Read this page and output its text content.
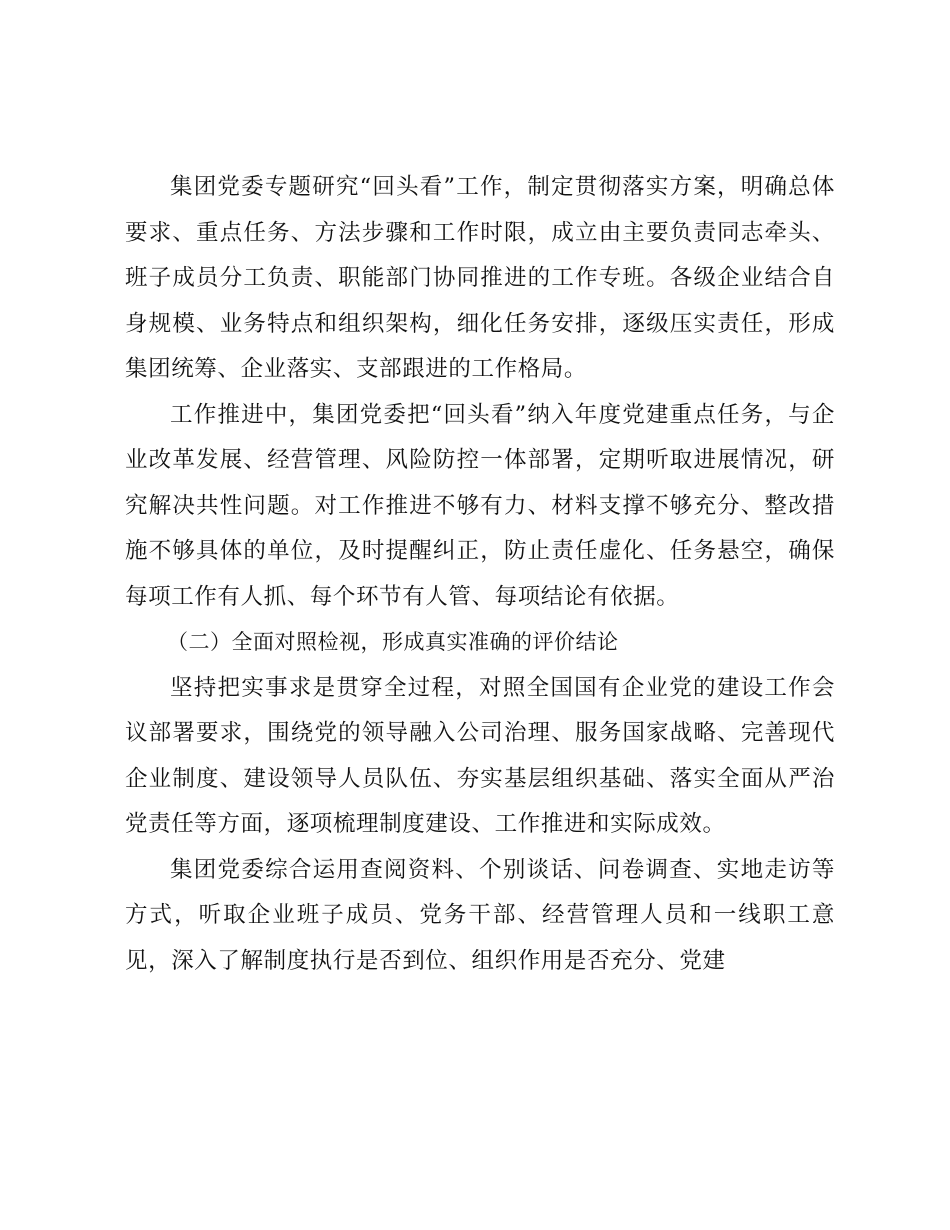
集团党委专题研究“回头看”工作，制定贯彻落实方案，明确总体要求、重点任务、方法步骤和工作时限，成立由主要负责同志牵头、班子成员分工负责、职能部门协同推进的工作专班。各级企业结合自身规模、业务特点和组织架构，细化任务安排，逐级压实责任，形成集团统筹、企业落实、支部跟进的工作格局。

工作推进中，集团党委把“回头看”纳入年度党建重点任务，与企业改革发展、经营管理、风险防控一体部署，定期听取进展情况，研究解决共性问题。对工作推进不够有力、材料支撑不够充分、整改措施不够具体的单位，及时提醒纠正，防止责任虚化、任务悬空，确保每项工作有人抓、每个环节有人管、每项结论有依据。

（二）全面对照检视，形成真实准确的评价结论

坚持把实事求是贯穿全过程，对照全国国有企业党的建设工作会议部署要求，围绕党的领导融入公司治理、服务国家战略、完善现代企业制度、建设领导人员队伍、夯实基层组织基础、落实全面从严治党责任等方面，逐项梳理制度建设、工作推进和实际成效。

集团党委综合运用查阅资料、个别谈话、问卷调查、实地走访等方式，听取企业班子成员、党务干部、经营管理人员和一线职工意见，深入了解制度执行是否到位、组织作用是否充分、党建
